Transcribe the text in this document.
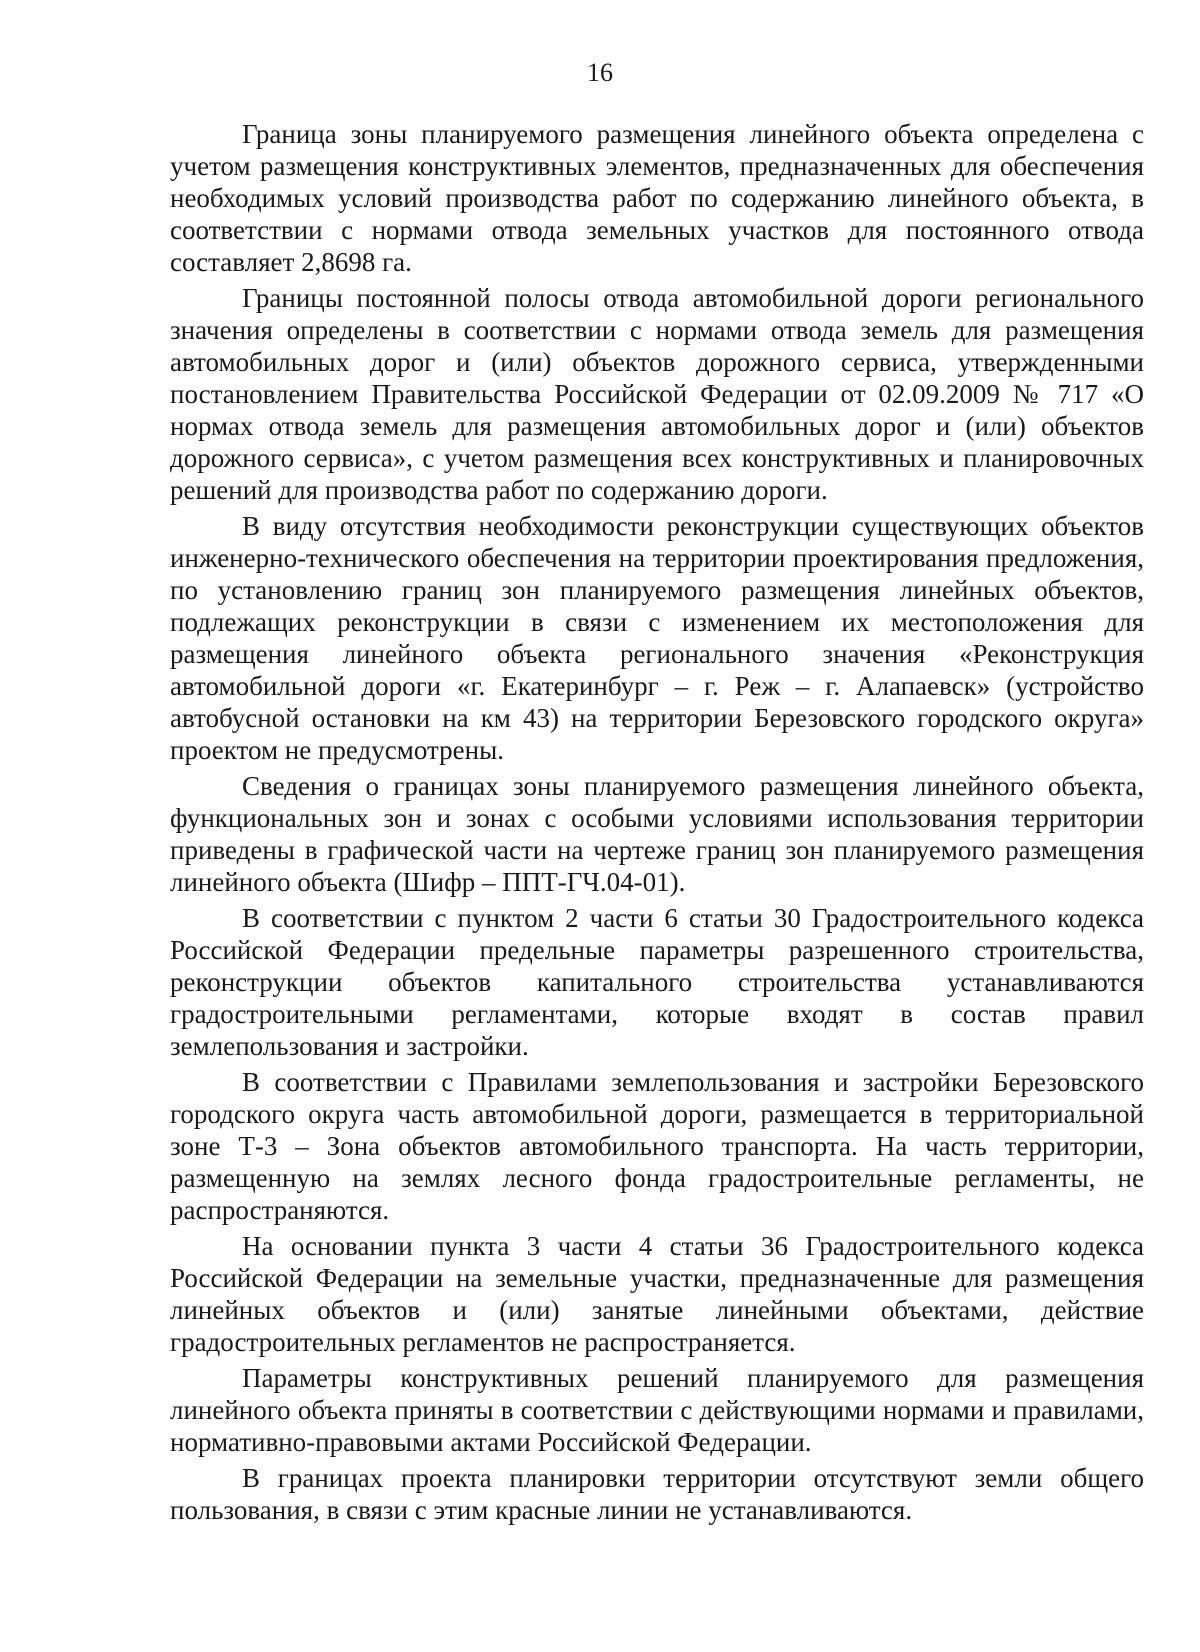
16

Граница зоны планируемого размещения линейного объекта определена с учетом размещения конструктивных элементов, предназначенных для обеспечения необходимых условий производства работ по содержанию линейного объекта, в соответствии с нормами отвода земельных участков для постоянного отвода составляет 2,8698 га.

Границы постоянной полосы отвода автомобильной дороги регионального значения определены в соответствии с нормами отвода земель для размещения автомобильных дорог и (или) объектов дорожного сервиса, утвержденными постановлением Правительства Российской Федерации от 02.09.2009 № 717 «О нормах отвода земель для размещения автомобильных дорог и (или) объектов дорожного сервиса», с учетом размещения всех конструктивных и планировочных решений для производства работ по содержанию дороги.

В виду отсутствия необходимости реконструкции существующих объектов инженерно-технического обеспечения на территории проектирования предложения, по установлению границ зон планируемого размещения линейных объектов, подлежащих реконструкции в связи с изменением их местоположения для размещения линейного объекта регионального значения «Реконструкция автомобильной дороги «г. Екатеринбург – г. Реж – г. Алапаевск» (устройство автобусной остановки на км 43) на территории Березовского городского округа» проектом не предусмотрены.

Сведения о границах зоны планируемого размещения линейного объекта, функциональных зон и зонах с особыми условиями использования территории приведены в графической части на чертеже границ зон планируемого размещения линейного объекта (Шифр – ППТ-ГЧ.04-01).

В соответствии с пунктом 2 части 6 статьи 30 Градостроительного кодекса Российской Федерации предельные параметры разрешенного строительства, реконструкции объектов капитального строительства устанавливаются градостроительными регламентами, которые входят в состав правил землепользования и застройки.

В соответствии с Правилами землепользования и застройки Березовского городского округа часть автомобильной дороги, размещается в территориальной зоне Т-3 – Зона объектов автомобильного транспорта. На часть территории, размещенную на землях лесного фонда градостроительные регламенты, не распространяются.

На основании пункта 3 части 4 статьи 36 Градостроительного кодекса Российской Федерации на земельные участки, предназначенные для размещения линейных объектов и (или) занятые линейными объектами, действие градостроительных регламентов не распространяется.

Параметры конструктивных решений планируемого для размещения линейного объекта приняты в соответствии с действующими нормами и правилами, нормативно-правовыми актами Российской Федерации.

В границах проекта планировки территории отсутствуют земли общего пользования, в связи с этим красные линии не устанавливаются.
